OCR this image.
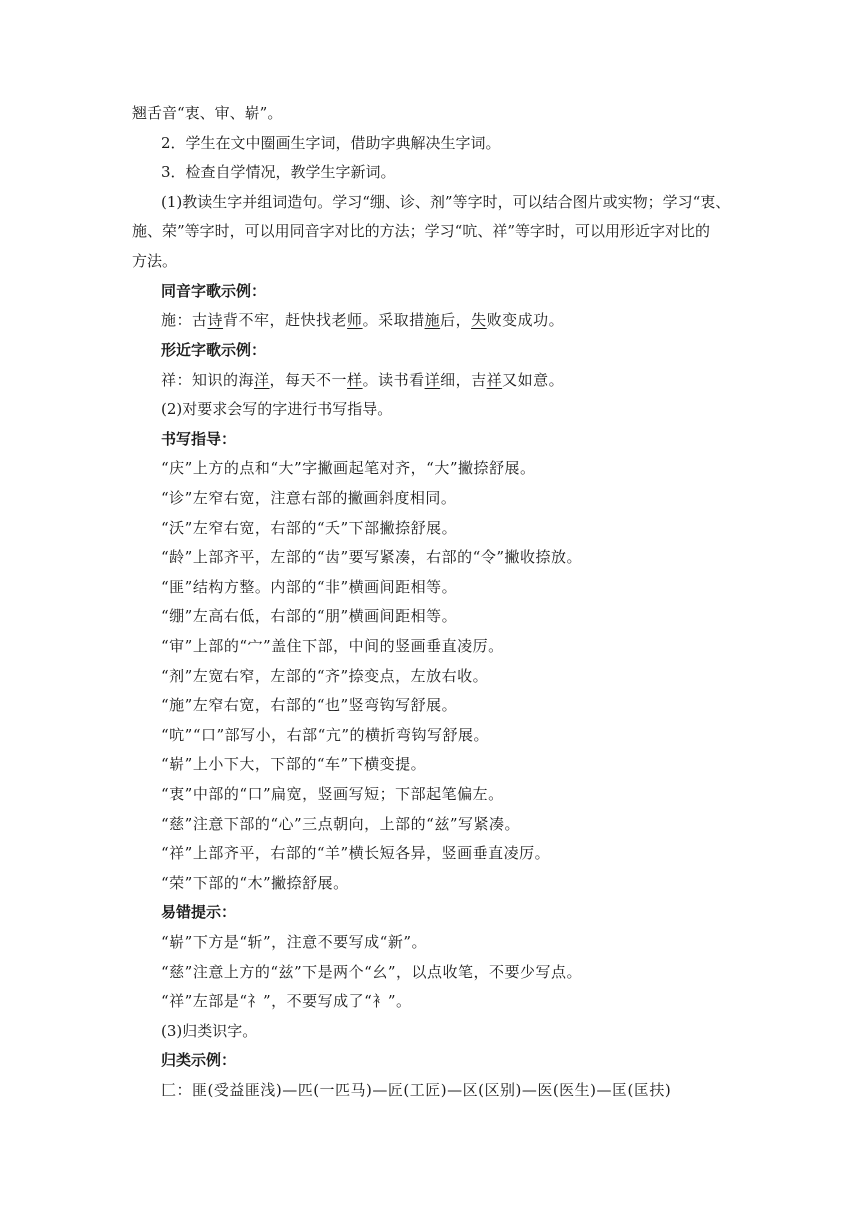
翘舌音“衷、审、崭”。
2．学生在文中圈画生字词，借助字典解决生字词。
3．检查自学情况，教学生字新词。
(1)教读生字并组词造句。学习“绷、诊、剂”等字时，可以结合图片或实物；学习“衷、
施、荣”等字时，可以用同音字对比的方法；学习“吭、祥”等字时，可以用形近字对比的
方法。
同音字歌示例：
施：古诗背不牢，赶快找老师。采取措施后，失败变成功。
形近字歌示例：
祥：知识的海洋，每天不一样。读书看详细，吉祥又如意。
(2)对要求会写的字进行书写指导。
书写指导：
“庆”上方的点和“大”字撇画起笔对齐，“大”撇捺舒展。
“诊”左窄右宽，注意右部的撇画斜度相同。
“沃”左窄右宽，右部的“夭”下部撇捺舒展。
“龄”上部齐平，左部的“齿”要写紧凑，右部的“令”撇收捺放。
“匪”结构方整。内部的“非”横画间距相等。
“绷”左高右低，右部的“朋”横画间距相等。
“审”上部的“宀”盖住下部，中间的竖画垂直凌厉。
“剂”左宽右窄，左部的“齐”捺变点，左放右收。
“施”左窄右宽，右部的“也”竖弯钩写舒展。
“吭”“口”部写小，右部“亢”的横折弯钩写舒展。
“崭”上小下大，下部的“车”下横变提。
“衷”中部的“口”扁宽，竖画写短；下部起笔偏左。
“慈”注意下部的“心”三点朝向，上部的“兹”写紧凑。
“祥”上部齐平，右部的“羊”横长短各异，竖画垂直凌厉。
“荣”下部的“木”撇捺舒展。
易错提示：
“崭”下方是“斩”，注意不要写成“新”。
“慈”注意上方的“兹”下是两个“幺”，以点收笔，不要少写点。
“祥”左部是“礻”，不要写成了“衤”。
(3)归类识字。
归类示例：
匚：匪(受益匪浅)—匹(一匹马)—匠(工匠)—区(区别)—医(医生)—匡(匡扶)
